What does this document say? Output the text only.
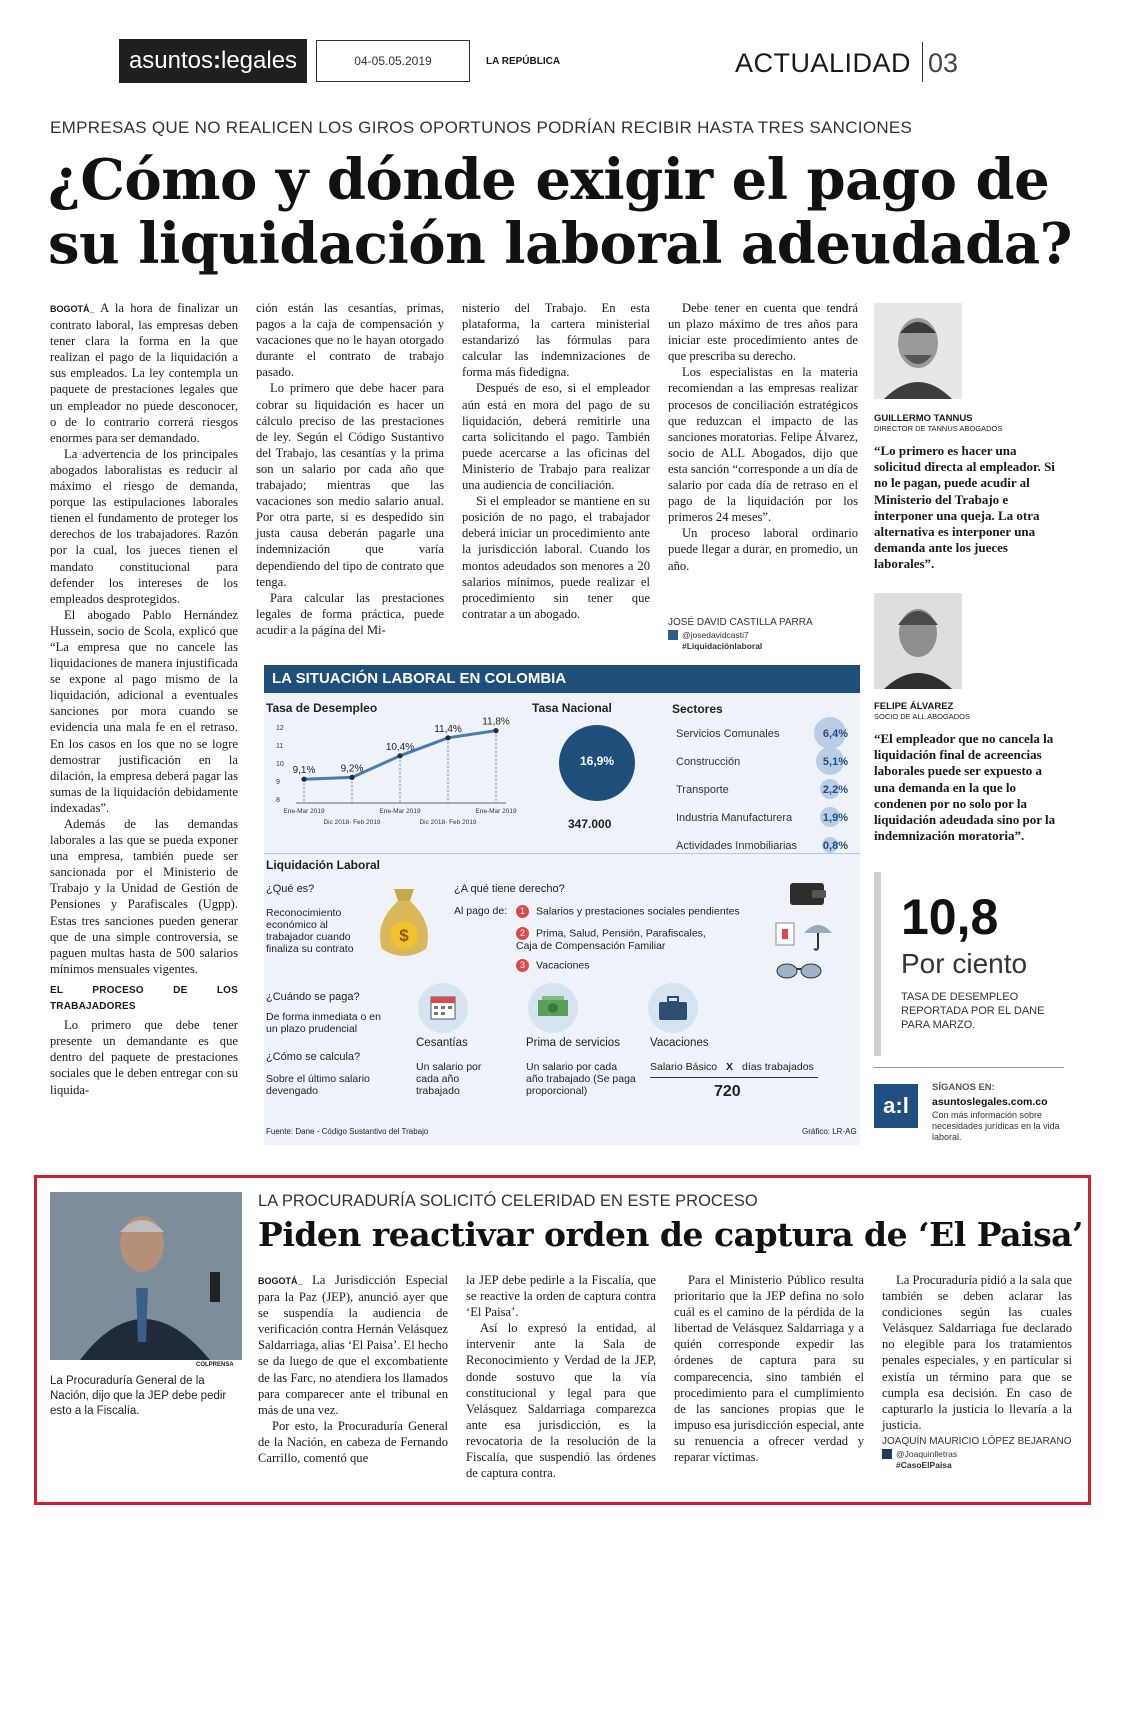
asuntos:legales	04-05.05.2019	LA REPÚBLICA	ACTUALIDAD 03
EMPRESAS QUE NO REALICEN LOS GIROS OPORTUNOS PODRÍAN RECIBIR HASTA TRES SANCIONES
¿Cómo y dónde exigir el pago de
su liquidación laboral adeudada?

BOGOTÁ_ A la hora de finalizar un contrato laboral, las empresas deben tener clara la forma en la que realizan el pago de la liquidación a sus empleados. La ley contempla un paquete de prestaciones legales que un empleador no puede desconocer, o de lo contrario correrá riesgos enormes para ser demandado.

La advertencia de los principales abogados laboralistas es reducir al máximo el riesgo de demanda, porque las estipulaciones laborales tienen el fundamento de proteger los derechos de los trabajadores. Razón por la cual, los jueces tienen el mandato constitucional para defender los intereses de los empleados desprotegidos.

El abogado Pablo Hernández Hussein, socio de Scola, explicó que “La empresa que no cancele las liquidaciones de manera injustificada se expone al pago mismo de la liquidación, adicional a eventuales sanciones por mora cuando se evidencia una mala fe en el retraso. En los casos en los que no se logre demostrar justificación en la dilación, la empresa deberá pagar las sumas de la liquidación debidamente indexadas”.

Además de las demandas laborales a las que se pueda exponer una empresa, también puede ser sancionada por el Ministerio de Trabajo y la Unidad de Gestión de Pensiones y Parafiscales (Ugpp). Estas tres sanciones pueden generar que de una simple controversia, se paguen multas hasta de 500 salarios mínimos mensuales vigentes.

EL PROCESO DE LOS TRABAJADORES

Lo primero que debe tener presente un demandante es que dentro del paquete de prestaciones sociales que le deben entregar con su liquida-

ción están las cesantías, primas, pagos a la caja de compensación y vacaciones que no le hayan otorgado durante el contrato de trabajo pasado.

Lo primero que debe hacer para cobrar su liquidación es hacer un cálculo preciso de las prestaciones de ley. Según el Código Sustantivo del Trabajo, las cesantías y la prima son un salario por cada año que trabajado; mientras que las vacaciones son medio salario anual. Por otra parte, si es despedido sin justa causa deberán pagarle una indemnización que varía dependiendo del tipo de contrato que tenga.

Para calcular las prestaciones legales de forma práctica, puede acudir a la página del Mi-

nisterio del Trabajo. En esta plataforma, la cartera ministerial estandarizó las fórmulas para calcular las indemnizaciones de forma más fidedigna.

Después de eso, si el empleador aún está en mora del pago de su liquidación, deberá remitirle una carta solicitando el pago. También puede acercarse a las oficinas del Ministerio de Trabajo para realizar una audiencia de conciliación.

Si el empleador se mantiene en su posición de no pago, el trabajador deberá iniciar un procedimiento ante la jurisdicción laboral. Cuando los montos adeudados son menores a 20 salarios mínimos, puede realizar el procedimiento sin tener que contratar a un abogado.

Debe tener en cuenta que tendrá un plazo máximo de tres años para iniciar este procedimiento antes de que prescriba su derecho.

Los especialistas en la materia recomiendan a las empresas realizar procesos de conciliación estratégicos que reduzcan el impacto de las sanciones moratorias. Felipe Álvarez, socio de ALL Abogados, dijo que esta sanción “corresponde a un día de salario por cada día de retraso en el pago de la liquidación por los primeros 24 meses”.

Un proceso laboral ordinario puede llegar a durar, en promedio, un año.

JOSÉ DAVID CASTILLA PARRA
@josedavidcasti7
#Liquidaciónlaboral
GUILLERMO TANNUS
DIRECTOR DE TANNUS ABOGADOS
“Lo primero es hacer una solicitud directa al empleador. Si no le pagan, puede acudir al Ministerio del Trabajo e interponer una queja. La otra alternativa es interponer una demanda ante los jueces laborales”.
FELIPE ÁLVAREZ
SOCIO DE ALL ABOGADOS
“El empleador que no cancela la liquidación final de acreencias laborales puede ser expuesto a una demanda en la que lo condenen por no solo por la liquidación adeudada sino por la indemnización moratoria”.
10,8
Por ciento
TASA DE DESEMPLEO REPORTADA POR EL DANE PARA MARZO.
a:l
SÍGANOS EN:
asuntoslegales.com.co
Con más información sobre necesidades jurídicas en la vida laboral.
LA SITUACIÓN LABORAL EN COLOMBIA
Tasa de Desempleo
12
11
10
9
8
9,1%	9,2%
10,4%
11,4%
11,8%
Ene-Mar 2019
Dic 2018- Feb 2019
Ene-Mar 2019
Dic 2018- Feb 2019
Ene-Mar 2019
Tasa Nacional
16,9%
347.000
Sectores
Servicios Comunales	6,4%
Construcción	5,1%
Transporte	2,2%
Industria Manufacturera	1,9%
Actividades Inmobiliarias 0,8%
Liquidación Laboral
¿Qué es?
Reconocimiento económico al trabajador cuando finaliza su contrato
$
¿A qué tiene derecho?
Al pago de:	1 Salarios y prestaciones sociales pendientes
2 Prima, Salud, Pensión, Parafiscales, Caja de Compensación Familiar
3 Vacaciones
¿Cuándo se paga?
De forma inmediata o en un plazo prudencial
¿Cómo se calcula?
Sobre el último salario devengado
Cesantías
Un salario por cada año trabajado
Prima de servicios
Un salario por cada año trabajado (Se paga proporcional)
Vacaciones
Salario Básico X días trabajados
720
Fuente: Dane - Código Sustantivo del Trabajo	Gráfico: LR-AG
COLPRENSA
La Procuraduría General de la Nación, dijo que la JEP debe pedir esto a la Fiscalía.
LA PROCURADURÍA SOLICITÓ CELERIDAD EN ESTE PROCESO
Piden reactivar orden de captura de ‘El Paisa’

BOGOTÁ_ La Jurisdicción Especial para la Paz (JEP), anunció ayer que se suspendía la audiencia de verificación contra Hernán Velásquez Saldarriaga, alias ‘El Paisa’. El hecho se da luego de que el excombatiente de las Farc, no atendiera los llamados para comparecer ante el tribunal en más de una vez.

Por esto, la Procuraduría General de la Nación, en cabeza de Fernando Carrillo, comentó que

la JEP debe pedirle a la Fiscalía, que se reactive la orden de captura contra ‘El Paisa’.

Así lo expresó la entidad, al intervenir ante la Sala de Reconocimiento y Verdad de la JEP, donde sostuvo que la vía constitucional y legal para que Velásquez Saldarriaga comparezca ante esa jurisdicción, es la revocatoria de la resolución de la Fiscalía, que suspendió las órdenes de captura contra.

Para el Ministerio Público resulta prioritario que la JEP defina no solo cuál es el camino de la pérdida de la libertad de Velásquez Saldarriaga y a quién corresponde expedir las órdenes de captura para su comparecencia, sino también el procedimiento para el cumplimiento de las sanciones propias que le impuso esa jurisdicción especial, ante su renuencia a ofrecer verdad y reparar víctimas.

La Procuraduría pidió a la sala que también se deben aclarar las condiciones según las cuales Velásquez Saldarriaga fue declarado no elegible para los tratamientos penales especiales, y en particular si existía un término para que se cumpla esa decisión. En caso de capturarlo la justicia lo llevaría a la justicia.

JOAQUÍN MAURICIO LÓPEZ BEJARANO
@Joaquinlletras
#CasoElPaisa
